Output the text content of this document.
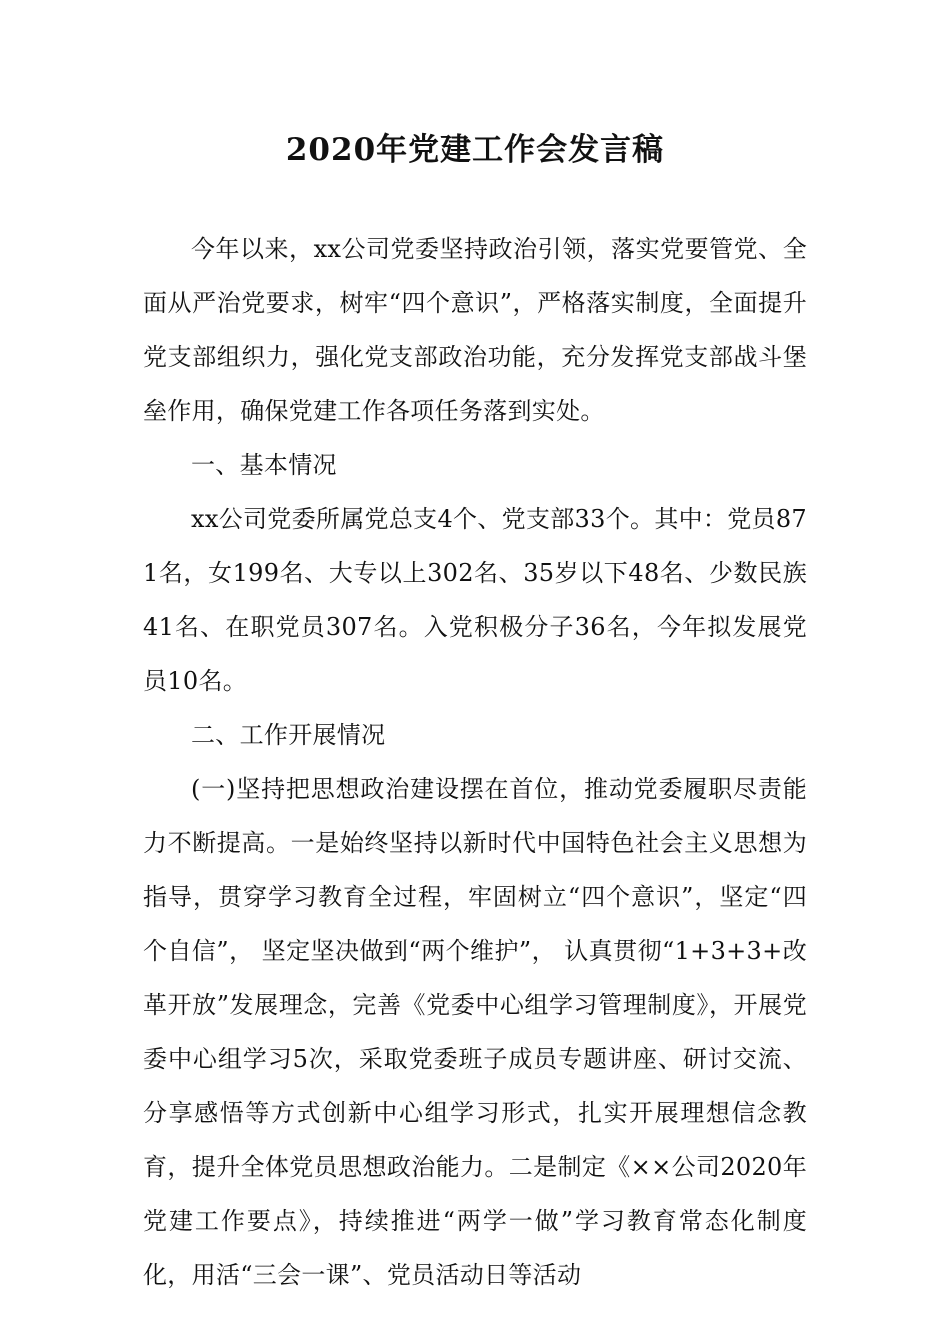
2020年党建工作会发言稿

今年以来，xx公司党委坚持政治引领，落实党要管党、全面从严治党要求，树牢“四个意识”，严格落实制度，全面提升党支部组织力，强化党支部政治功能，充分发挥党支部战斗堡垒作用，确保党建工作各项任务落到实处。

一、基本情况

xx公司党委所属党总支4个、党支部33个。其中：党员871名，女199名、大专以上302名、35岁以下48名、少数民族41名、在职党员307名。入党积极分子36名，今年拟发展党员10名。

二、工作开展情况

(一)坚持把思想政治建设摆在首位，推动党委履职尽责能力不断提高。一是始终坚持以新时代中国特色社会主义思想为指导，贯穿学习教育全过程，牢固树立“四个意识”，坚定“四个自信”， 坚定坚决做到“两个维护”， 认真贯彻“1+3+3+改革开放”发展理念，完善《党委中心组学习管理制度》，开展党委中心组学习5次，采取党委班子成员专题讲座、研讨交流、分享感悟等方式创新中心组学习形式，扎实开展理想信念教育，提升全体党员思想政治能力。二是制定《××公司2020年党建工作要点》，持续推进“两学一做”学习教育常态化制度化，用活“三会一课”、党员活动日等活动
